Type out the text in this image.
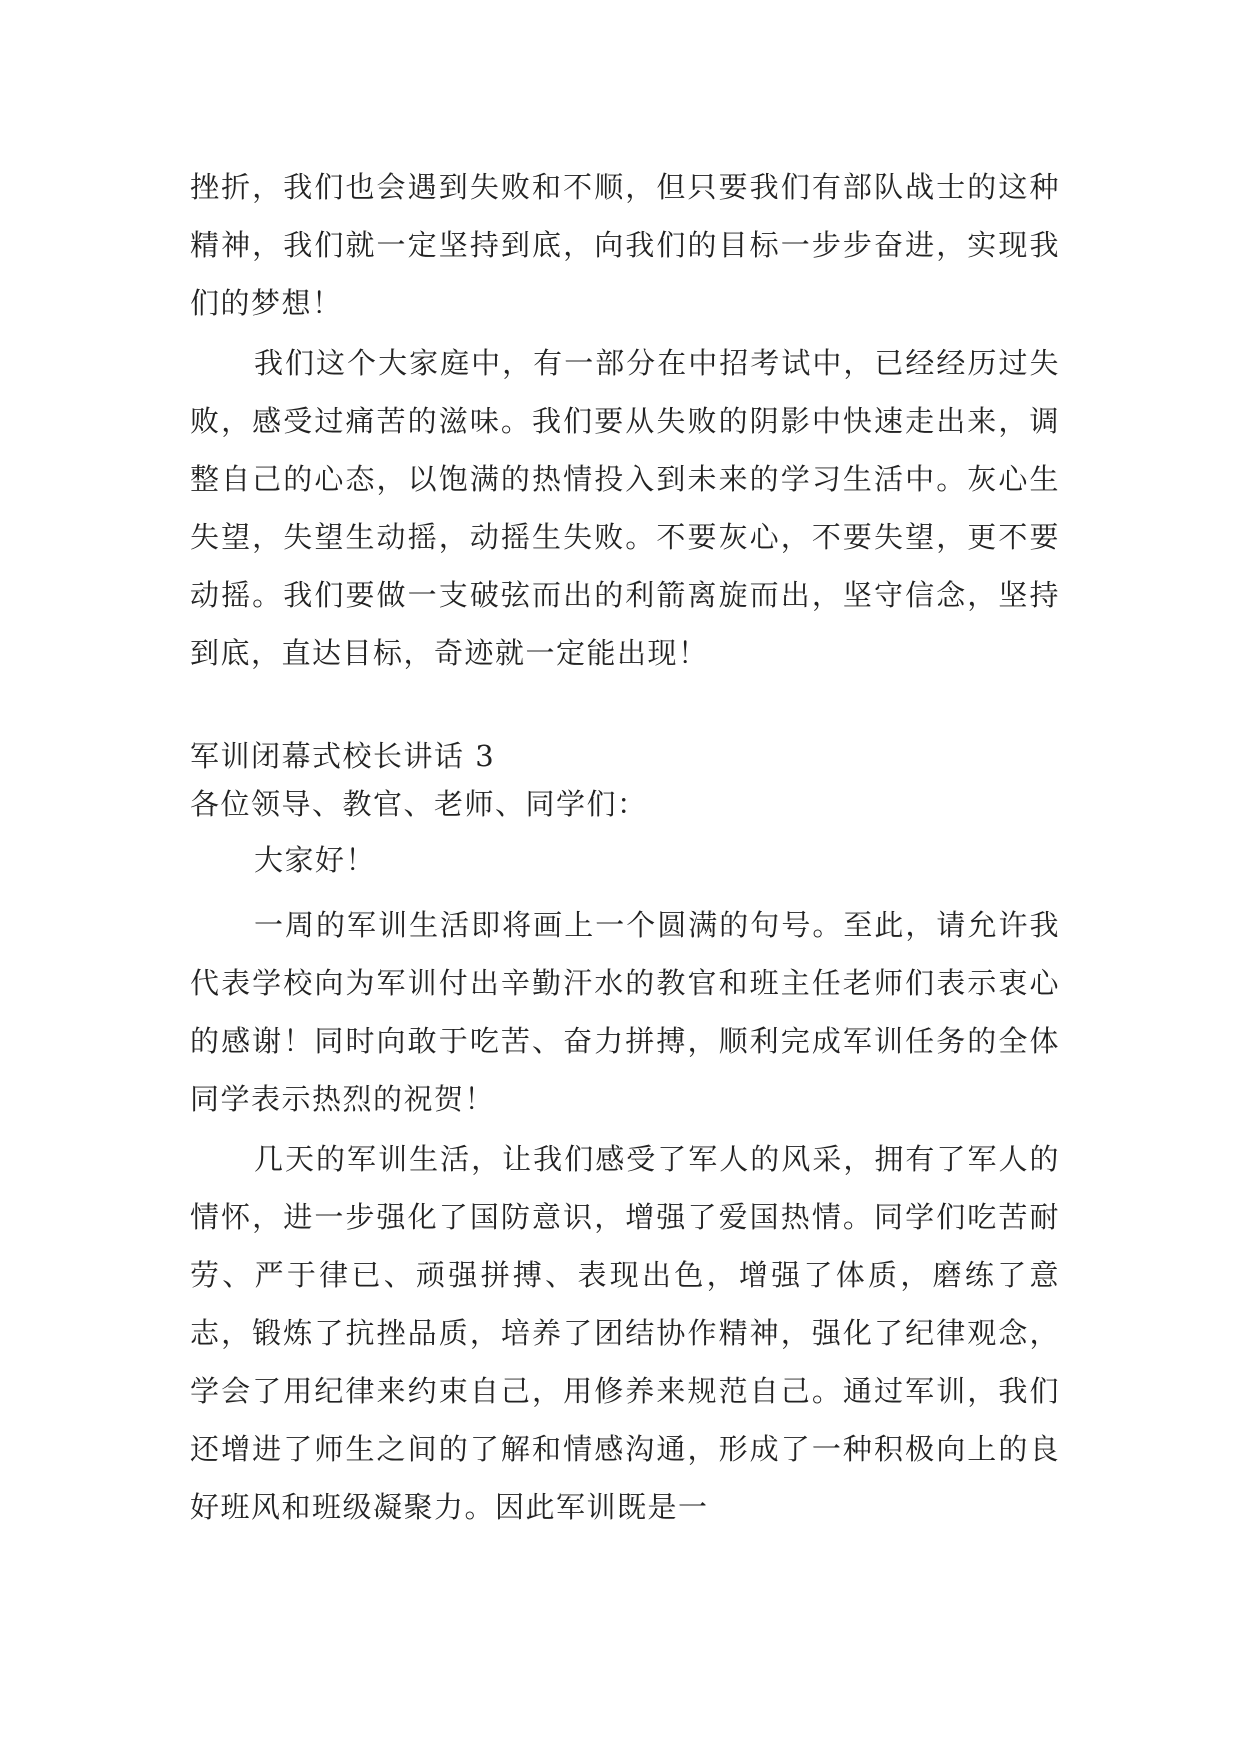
挫折，我们也会遇到失败和不顺，但只要我们有部队战士的这种精神，我们就一定坚持到底，向我们的目标一步步奋进，实现我们的梦想！

我们这个大家庭中，有一部分在中招考试中，已经经历过失败，感受过痛苦的滋味。我们要从失败的阴影中快速走出来，调整自己的心态，以饱满的热情投入到未来的学习生活中。灰心生失望，失望生动摇，动摇生失败。不要灰心，不要失望，更不要动摇。我们要做一支破弦而出的利箭离旋而出，坚守信念，坚持到底，直达目标，奇迹就一定能出现！

军训闭幕式校长讲话 3
各位领导、教官、老师、同学们：
大家好！

一周的军训生活即将画上一个圆满的句号。至此，请允许我代表学校向为军训付出辛勤汗水的教官和班主任老师们表示衷心的感谢！同时向敢于吃苦、奋力拼搏，顺利完成军训任务的全体同学表示热烈的祝贺！

几天的军训生活，让我们感受了军人的风采，拥有了军人的情怀，进一步强化了国防意识，增强了爱国热情。同学们吃苦耐劳、严于律已、顽强拼搏、表现出色，增强了体质，磨练了意志，锻炼了抗挫品质，培养了团结协作精神，强化了纪律观念，学会了用纪律来约束自己，用修养来规范自己。通过军训，我们还增进了师生之间的了解和情感沟通，形成了一种积极向上的良好班风和班级凝聚力。因此军训既是一
